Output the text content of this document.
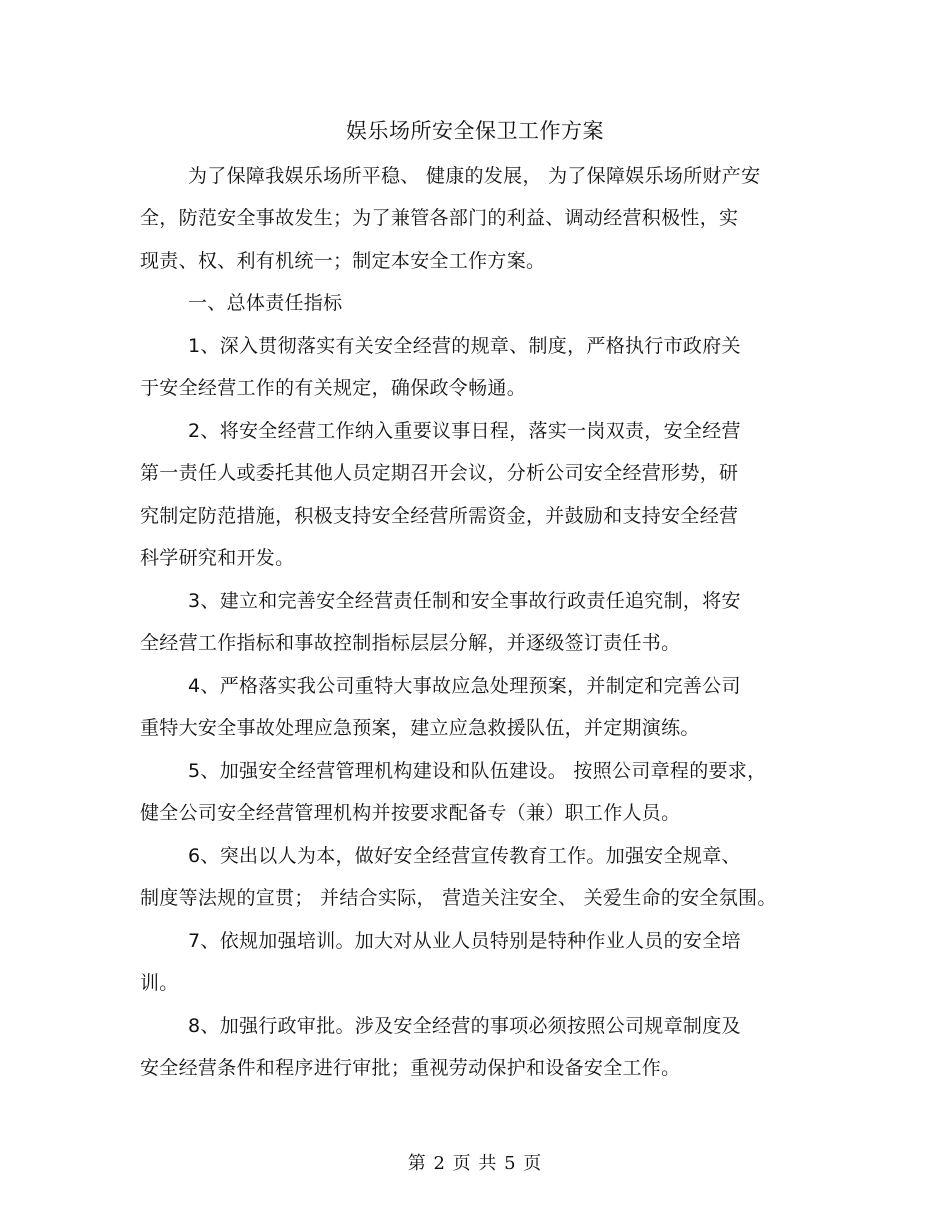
娱乐场所安全保卫工作方案
为了保障我娱乐场所平稳、 健康的发展， 为了保障娱乐场所财产安
全，防范安全事故发生；为了兼管各部门的利益、调动经营积极性，实
现责、权、利有机统一；制定本安全工作方案。
一、总体责任指标
1、深入贯彻落实有关安全经营的规章、制度，严格执行市政府关
于安全经营工作的有关规定，确保政令畅通。
2、将安全经营工作纳入重要议事日程，落实一岗双责，安全经营
第一责任人或委托其他人员定期召开会议，分析公司安全经营形势，研
究制定防范措施，积极支持安全经营所需资金，并鼓励和支持安全经营
科学研究和开发。
3、建立和完善安全经营责任制和安全事故行政责任追究制，将安
全经营工作指标和事故控制指标层层分解，并逐级签订责任书。
4、严格落实我公司重特大事故应急处理预案，并制定和完善公司
重特大安全事故处理应急预案，建立应急救援队伍，并定期演练。
5、加强安全经营管理机构建设和队伍建设。 按照公司章程的要求，
健全公司安全经营管理机构并按要求配备专（兼）职工作人员。
6、突出以人为本，做好安全经营宣传教育工作。加强安全规章、
制度等法规的宣贯； 并结合实际， 营造关注安全、 关爱生命的安全氛围。
7、依规加强培训。加大对从业人员特别是特种作业人员的安全培
训。
8、加强行政审批。涉及安全经营的事项必须按照公司规章制度及
安全经营条件和程序进行审批；重视劳动保护和设备安全工作。
第 2 页 共 5 页
